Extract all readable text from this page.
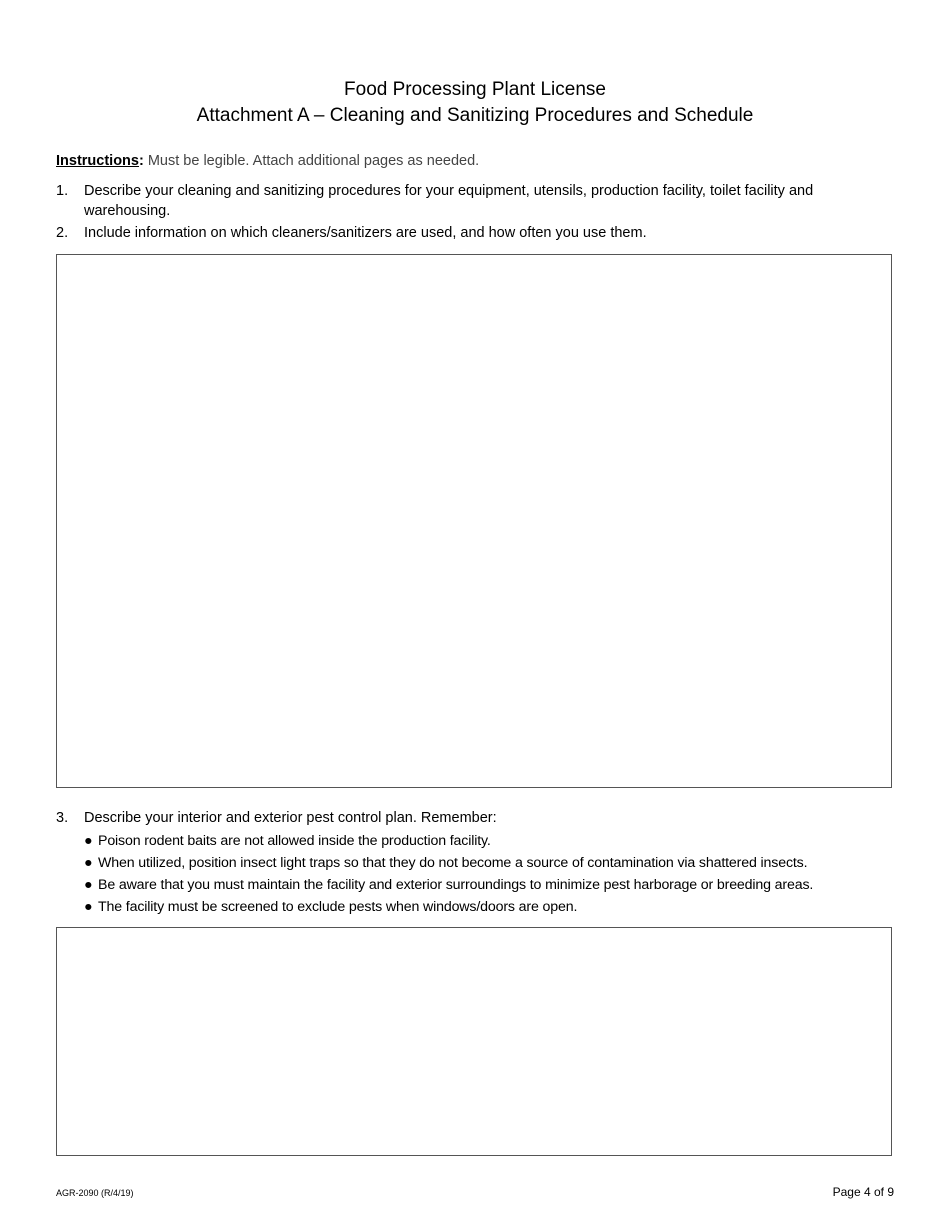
Food Processing Plant License
Attachment A – Cleaning and Sanitizing Procedures and Schedule
Instructions: Must be legible. Attach additional pages as needed.
1. Describe your cleaning and sanitizing procedures for your equipment, utensils, production facility, toilet facility and warehousing.
2. Include information on which cleaners/sanitizers are used, and how often you use them.
3. Describe your interior and exterior pest control plan. Remember:
● Poison rodent baits are not allowed inside the production facility.
● When utilized, position insect light traps so that they do not become a source of contamination via shattered insects.
● Be aware that you must maintain the facility and exterior surroundings to minimize pest harborage or breeding areas.
● The facility must be screened to exclude pests when windows/doors are open.
AGR-2090 (R/4/19)	Page 4 of 9
